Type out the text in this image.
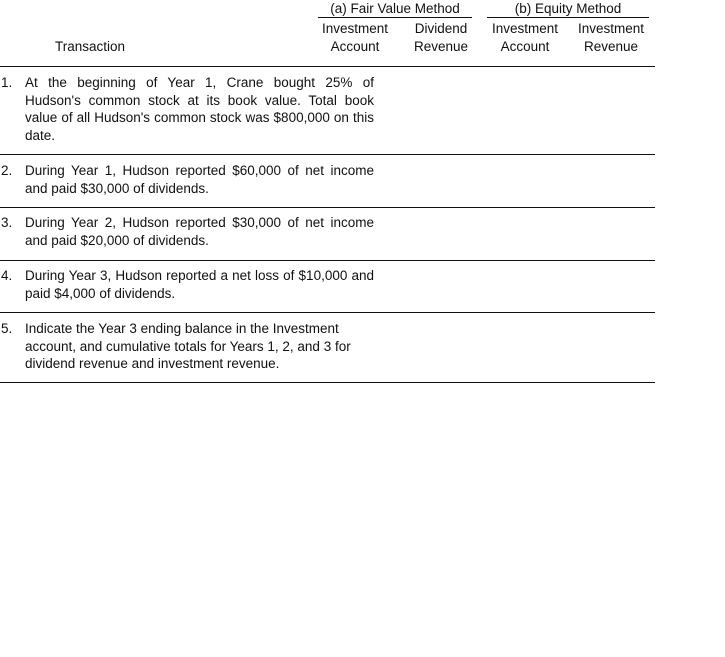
(a) Fair Value Method	(b) Equity Method
Transaction
Investment
Account
Dividend
Revenue
Investment
Account
Investment
Revenue
1. At the beginning of Year 1, Crane bought 25% of Hudson's common stock at its book value. Total book value of all Hudson's common stock was $800,000 on this date.
2. During Year 1, Hudson reported $60,000 of net income and paid $30,000 of dividends.
3. During Year 2, Hudson reported $30,000 of net income and paid $20,000 of dividends.
4. During Year 3, Hudson reported a net loss of $10,000 and paid $4,000 of dividends.
5. Indicate the Year 3 ending balance in the Investment account, and cumulative totals for Years 1, 2, and 3 for dividend revenue and investment revenue.
